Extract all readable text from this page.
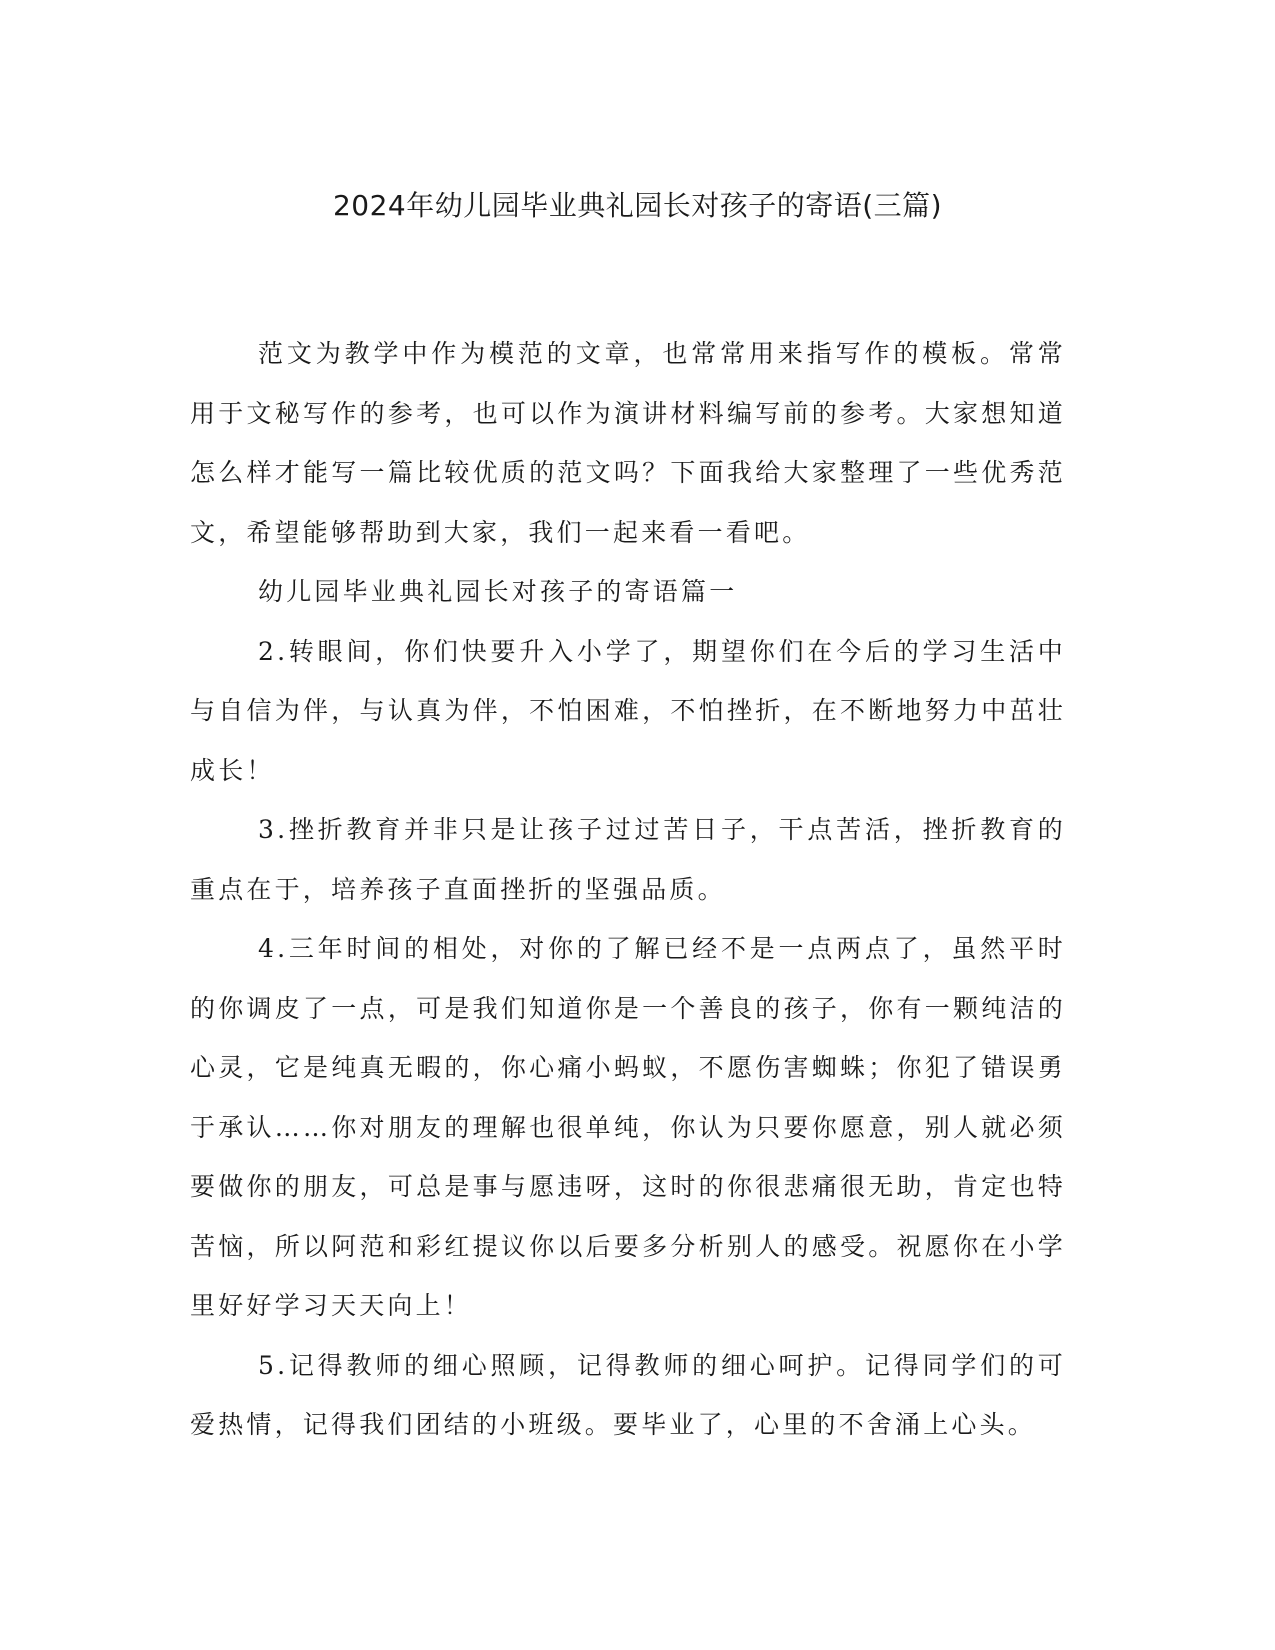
2024年幼儿园毕业典礼园长对孩子的寄语(三篇)

范文为教学中作为模范的文章，也常常用来指写作的模板。常常用于文秘写作的参考，也可以作为演讲材料编写前的参考。大家想知道怎么样才能写一篇比较优质的范文吗？下面我给大家整理了一些优秀范文，希望能够帮助到大家，我们一起来看一看吧。

幼儿园毕业典礼园长对孩子的寄语篇一

2.转眼间，你们快要升入小学了，期望你们在今后的学习生活中与自信为伴，与认真为伴，不怕困难，不怕挫折，在不断地努力中茁壮成长！

3.挫折教育并非只是让孩子过过苦日子，干点苦活，挫折教育的重点在于，培养孩子直面挫折的坚强品质。

4.三年时间的相处，对你的了解已经不是一点两点了，虽然平时的你调皮了一点，可是我们知道你是一个善良的孩子，你有一颗纯洁的心灵，它是纯真无暇的，你心痛小蚂蚁，不愿伤害蜘蛛；你犯了错误勇于承认……你对朋友的理解也很单纯，你认为只要你愿意，别人就必须要做你的朋友，可总是事与愿违呀，这时的你很悲痛很无助，肯定也特苦恼，所以阿范和彩红提议你以后要多分析别人的感受。祝愿你在小学里好好学习天天向上！

5.记得教师的细心照顾，记得教师的细心呵护。记得同学们的可爱热情，记得我们团结的小班级。要毕业了，心里的不舍涌上心头。
